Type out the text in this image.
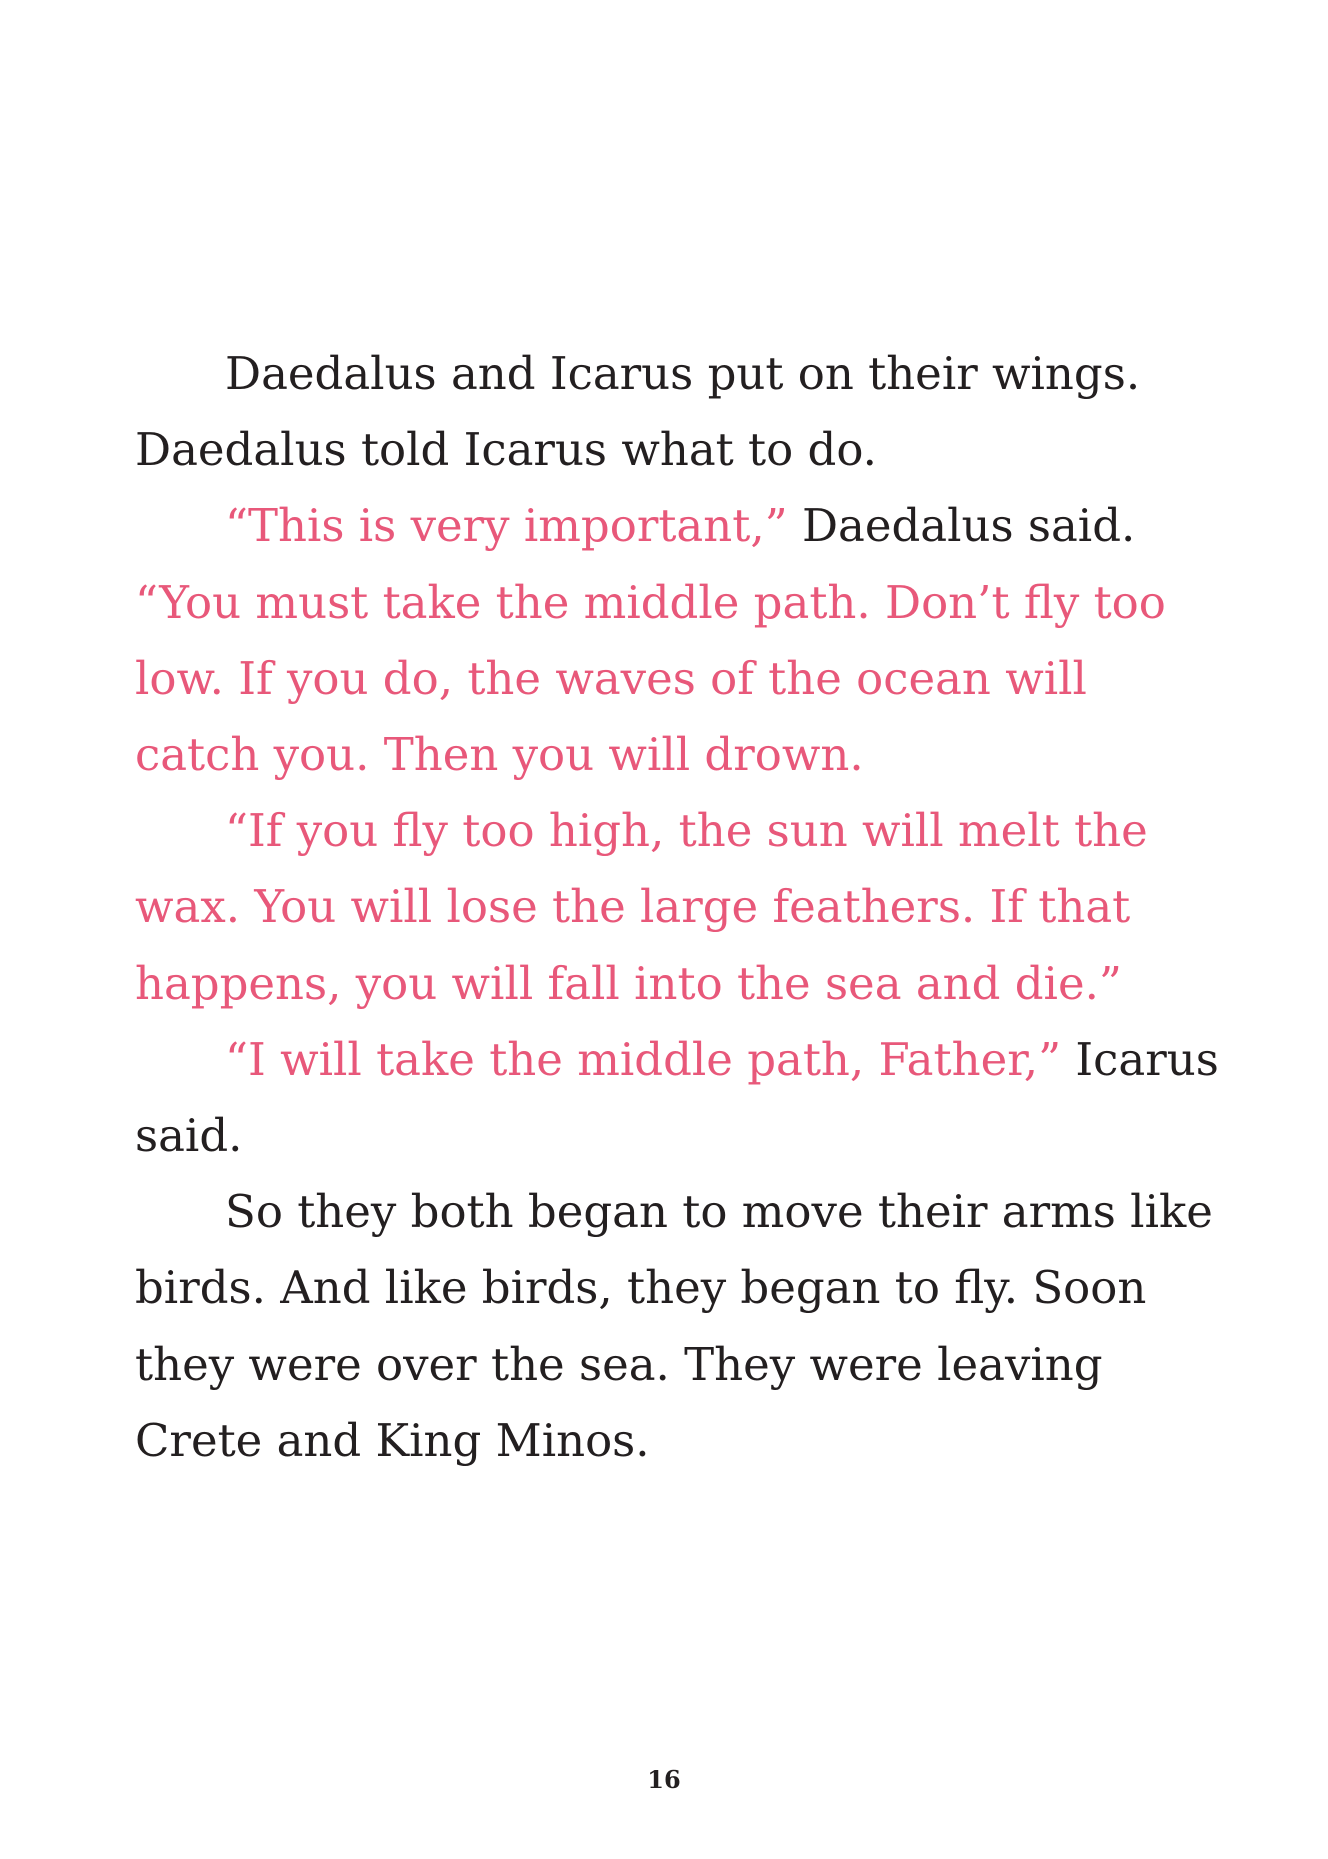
Daedalus and Icarus put on their wings.
Daedalus told Icarus what to do.
“This is very important,” Daedalus said.
“You must take the middle path. Don’t fly too
low. If you do, the waves of the ocean will
catch you. Then you will drown.
“If you fly too high, the sun will melt the
wax. You will lose the large feathers. If that
happens, you will fall into the sea and die.”
“I will take the middle path, Father,” Icarus
said.
So they both began to move their arms like
birds. And like birds, they began to fly. Soon
they were over the sea. They were leaving
Crete and King Minos.
16
